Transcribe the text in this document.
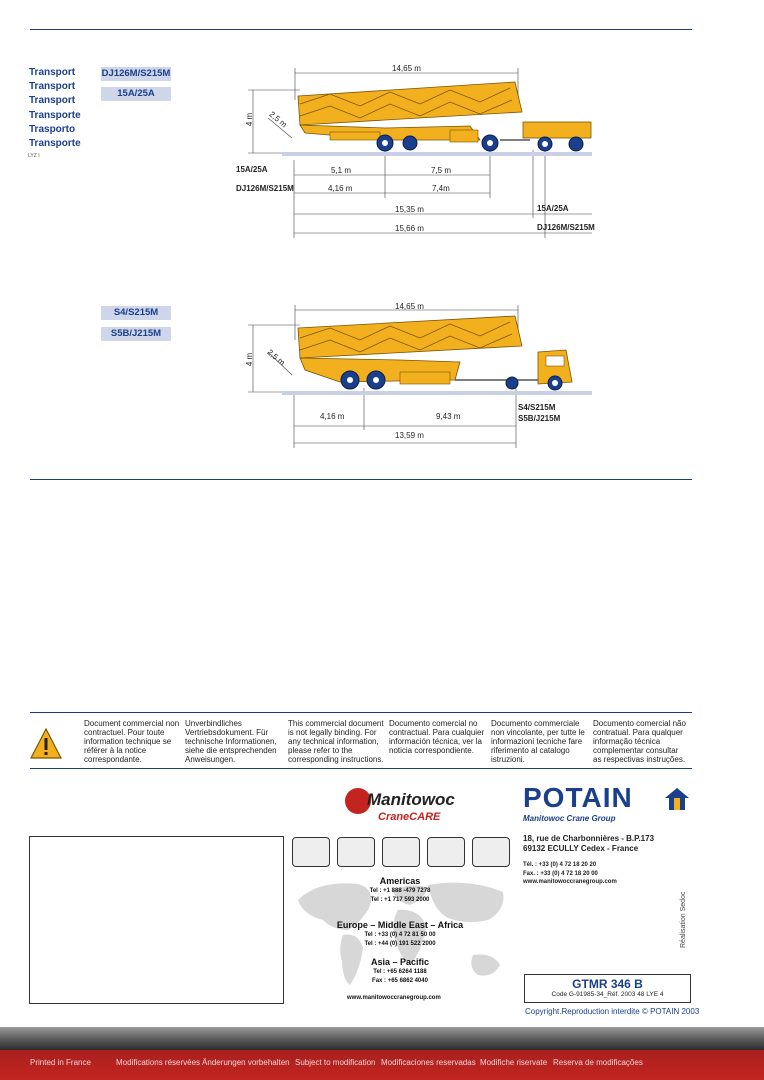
Transport
Transport
Transport
Transporte
Trasporto
Transporte
LYZ I
DJ126M/S215M
15A/25A
14,65 m
4 m 2,5 m
15A/25A	5,1 m	7,5 m
DJ126M/S215M	4,16 m	7,4m
15,35 m	15A/25A
15,66 m	DJ126M/S215M
S4/S215M
S5B/J215M
14,65 m
4 m 2,5 m
S4/S215M
S5B/J215M
4,16 m	9,43 m
13,59 m
Document commercial non contractuel. Pour toute information technique se référer à la notice correspondante.
Unverbindliches Vertriebsdokument. Für technische Informationen, siehe die entsprechenden Anweisungen.
This commercial document is not legally binding. For any technical information, please refer to the corresponding instructions.
Documento comercial no contractual. Para cualquier información técnica, ver la noticia correspondiente.
Documento commerciale non vincolante, per tutte le informazioni tecniche fare riferimento al catalogo istruzioni.
Documento comercial não contratual. Para qualquer informação técnica complementar consultar as respectivas instruções.
Manitowoc
CraneCARE
POTAIN
Manitowoc Crane Group
18, rue de Charbonnières - B.P.173
69132 ECULLY Cedex - France
Tél. : +33 (0) 4 72 18 20 20
Fax. : +33 (0) 4 72 18 20 00
www.manitowoccranegroup.com
Americas
Tel : +1 888 -479 7278
Tel : +1 717 593 2000
Europe – Middle East – Africa
Tel : +33 (0) 4 72 81 50 00
Tel : +44 (0) 191 522 2000
Asia – Pacific
Tel : +65 6264 1188
Fax : +65 6862 4040
www.manitowoccranegroup.com
GTMR 346 B
Code G-91985-34_Réf. 2003 48 LYE 4
Copyright.Reproduction interdite © POTAIN 2003
Réalisation Sedoc
Printed in France	Modifications réservées Änderungen vorbehalten Subject to modification Modificaciones reservadas Modifiche riservate Reserva de modificações
